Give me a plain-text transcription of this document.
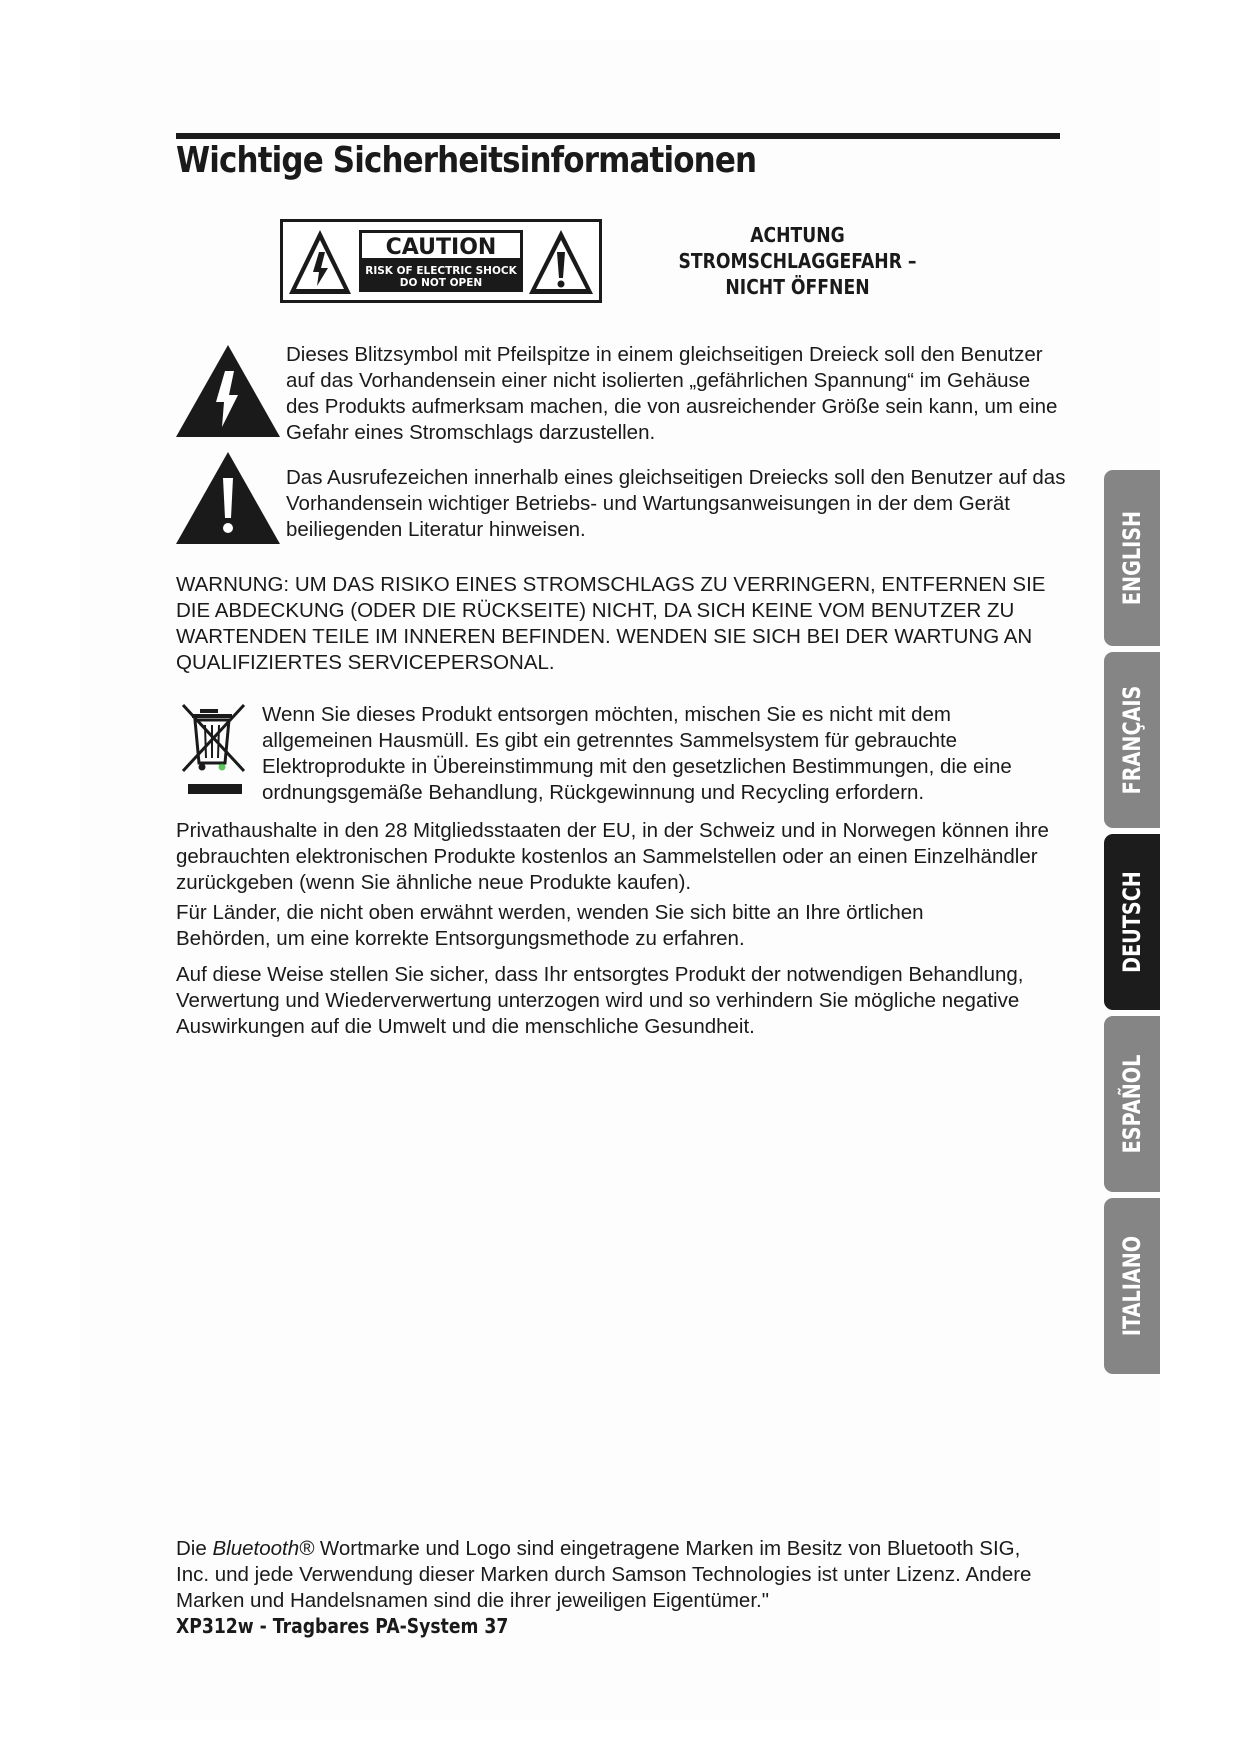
Wichtige Sicherheitsinformationen
CAUTION
RISK OF ELECTRIC SHOCK
DO NOT OPEN
ACHTUNG
STROMSCHLAGGEFAHR –
NICHT ÖFFNEN

Dieses Blitzsymbol mit Pfeilspitze in einem gleichseitigen Dreieck soll den Benutzer auf das Vorhandensein einer nicht isolierten „gefährlichen Spannung“ im Gehäuse des Produkts aufmerksam machen, die von ausreichender Größe sein kann, um eine Gefahr eines Stromschlags darzustellen.

Das Ausrufezeichen innerhalb eines gleichseitigen Dreiecks soll den Benutzer auf das Vorhandensein wichtiger Betriebs- und Wartungsanweisungen in der dem Gerät beiliegenden Literatur hinweisen.

WARNUNG: UM DAS RISIKO EINES STROMSCHLAGS ZU VERRINGERN, ENTFERNEN SIE DIE ABDECKUNG (ODER DIE RÜCKSEITE) NICHT, DA SICH KEINE VOM BENUTZER ZU WARTENDEN TEILE IM INNEREN BEFINDEN. WENDEN SIE SICH BEI DER WARTUNG AN QUALIFIZIERTES SERVICEPERSONAL.

Wenn Sie dieses Produkt entsorgen möchten, mischen Sie es nicht mit dem allgemeinen Hausmüll. Es gibt ein getrenntes Sammelsystem für gebrauchte Elektroprodukte in Übereinstimmung mit den gesetzlichen Bestimmungen, die eine ordnungsgemäße Behandlung, Rückgewinnung und Recycling erfordern.

Privathaushalte in den 28 Mitgliedsstaaten der EU, in der Schweiz und in Norwegen können ihre gebrauchten elektronischen Produkte kostenlos an Sammelstellen oder an einen Einzelhändler zurückgeben (wenn Sie ähnliche neue Produkte kaufen).

Für Länder, die nicht oben erwähnt werden, wenden Sie sich bitte an Ihre örtlichen Behörden, um eine korrekte Entsorgungsmethode zu erfahren.

Auf diese Weise stellen Sie sicher, dass Ihr entsorgtes Produkt der notwendigen Behandlung, Verwertung und Wiederverwertung unterzogen wird und so verhindern Sie mögliche negative Auswirkungen auf die Umwelt und die menschliche Gesundheit.

Die Bluetooth® Wortmarke und Logo sind eingetragene Marken im Besitz von Bluetooth SIG, Inc. und jede Verwendung dieser Marken durch Samson Technologies ist unter Lizenz. Andere Marken und Handelsnamen sind die ihrer jeweiligen Eigentümer."

XP312w - Tragbares PA-System 37

ENGLISH
FRANÇAIS
DEUTSCH
ESPAÑOL
ITALIANO
